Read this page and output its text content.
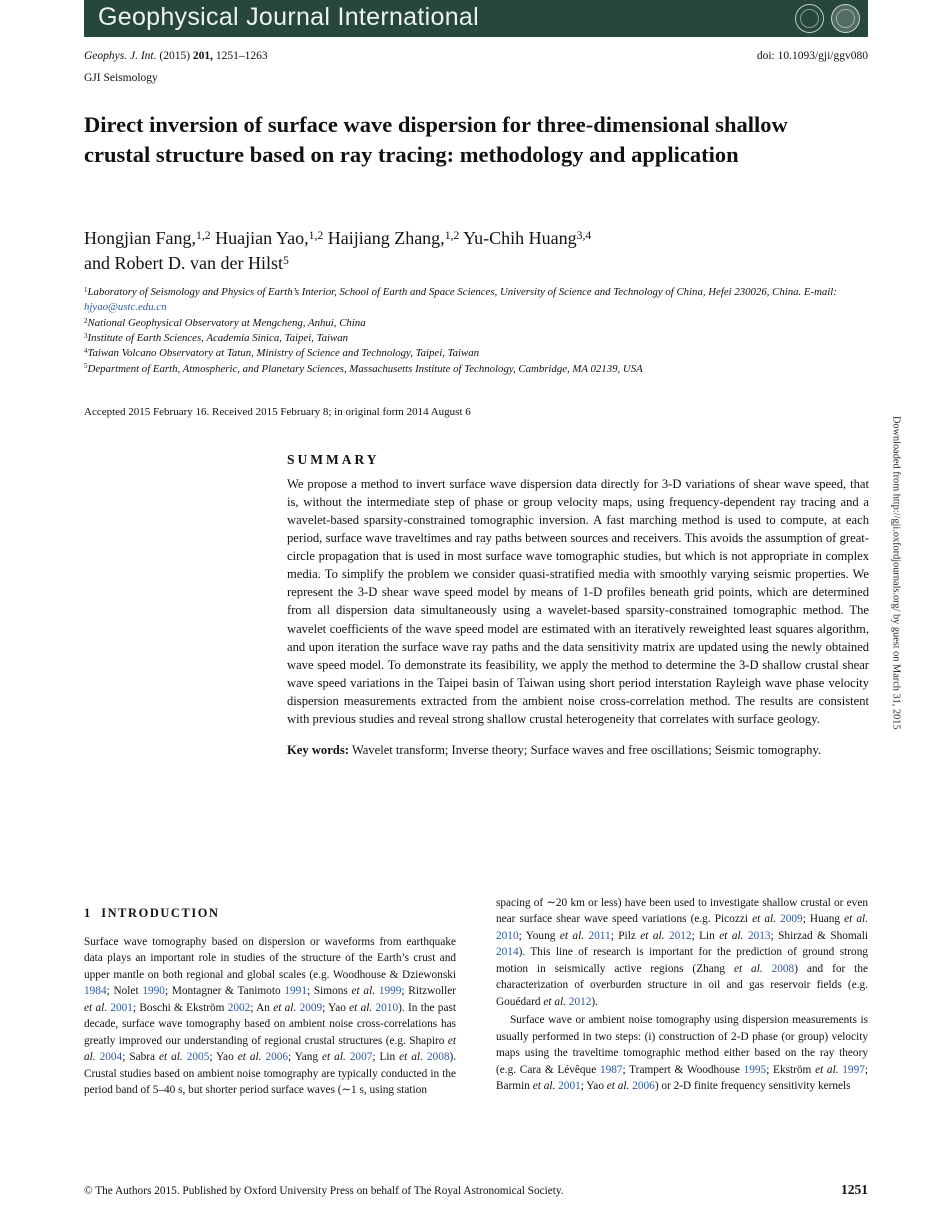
Geophysical Journal International
Geophys. J. Int. (2015) 201, 1251–1263	doi: 10.1093/gji/ggv080
GJI Seismology
Direct inversion of surface wave dispersion for three-dimensional shallow crustal structure based on ray tracing: methodology and application
Hongjian Fang,$^{1,2}$ Huajian Yao,$^{1,2}$ Haijiang Zhang,$^{1,2}$ Yu-Chih Huang$^{3,4}$
and Robert D. van der Hilst$^5$
$^1$Laboratory of Seismology and Physics of Earth’s Interior, School of Earth and Space Sciences, University of Science and Technology of China, Hefei 230026, China. E-mail: hjyao@ustc.edu.cn
$^2$National Geophysical Observatory at Mengcheng, Anhui, China
$^3$Institute of Earth Sciences, Academia Sinica, Taipei, Taiwan
$^4$Taiwan Volcano Observatory at Tatun, Ministry of Science and Technology, Taipei, Taiwan
$^5$Department of Earth, Atmospheric, and Planetary Sciences, Massachusetts Institute of Technology, Cambridge, MA 02139, USA
Accepted 2015 February 16. Received 2015 February 8; in original form 2014 August 6
SUMMARY

We propose a method to invert surface wave dispersion data directly for 3-D variations of shear wave speed, that is, without the intermediate step of phase or group velocity maps, using frequency-dependent ray tracing and a wavelet-based sparsity-constrained tomographic inversion. A fast marching method is used to compute, at each period, surface wave traveltimes and ray paths between sources and receivers. This avoids the assumption of great-circle propagation that is used in most surface wave tomographic studies, but which is not appropriate in complex media. To simplify the problem we consider quasi-stratified media with smoothly varying seismic properties. We represent the 3-D shear wave speed model by means of 1-D profiles beneath grid points, which are determined from all dispersion data simultaneously using a wavelet-based sparsity-constrained tomographic method. The wavelet coefficients of the wave speed model are estimated with an iteratively reweighted least squares algorithm, and upon iteration the surface wave ray paths and the data sensitivity matrix are updated using the newly obtained wave speed model. To demonstrate its feasibility, we apply the method to determine the 3-D shallow crustal shear wave speed variations in the Taipei basin of Taiwan using short period interstation Rayleigh wave phase velocity dispersion measurements extracted from the ambient noise cross-correlation method. The results are consistent with previous studies and reveal strong shallow crustal heterogeneity that correlates with surface geology.

Key words: Wavelet transform; Inverse theory; Surface waves and free oscillations; Seismic tomography.

1 INTRODUCTION

Surface wave tomography based on dispersion or waveforms from earthquake data plays an important role in studies of the structure of the Earth’s crust and upper mantle on both regional and global scales (e.g. Woodhouse & Dziewonski 1984; Nolet 1990; Montagner & Tanimoto 1991; Simons et al. 1999; Ritzwoller et al. 2001; Boschi & Ekström 2002; An et al. 2009; Yao et al. 2010). In the past decade, surface wave tomography based on ambient noise cross-correlations has greatly improved our understanding of regional crustal structures (e.g. Shapiro et al. 2004; Sabra et al. 2005; Yao et al. 2006; Yang et al. 2007; Lin et al. 2008). Crustal studies based on ambient noise tomography are typically conducted in the period band of 5–40 s, but shorter period surface waves (∼1 s, using station

spacing of ∼20 km or less) have been used to investigate shallow crustal or even near surface shear wave speed variations (e.g. Picozzi et al. 2009; Huang et al. 2010; Young et al. 2011; Pilz et al. 2012; Lin et al. 2013; Shirzad & Shomali 2014). This line of research is important for the prediction of ground strong motion in seismically active regions (Zhang et al. 2008) and for the characterization of overburden structure in oil and gas reservoir fields (e.g. Gouédard et al. 2012).

Surface wave or ambient noise tomography using dispersion measurements is usually performed in two steps: (i) construction of 2-D phase (or group) velocity maps using the traveltime tomographic method either based on the ray theory (e.g. Cara & Lévêque 1987; Trampert & Woodhouse 1995; Ekström et al. 1997; Barmin et al. 2001; Yao et al. 2006) or 2-D finite frequency sensitivity kernels

© The Authors 2015. Published by Oxford University Press on behalf of The Royal Astronomical Society.	1251
Downloaded from http://gji.oxfordjournals.org/ by guest on March 31, 2015
